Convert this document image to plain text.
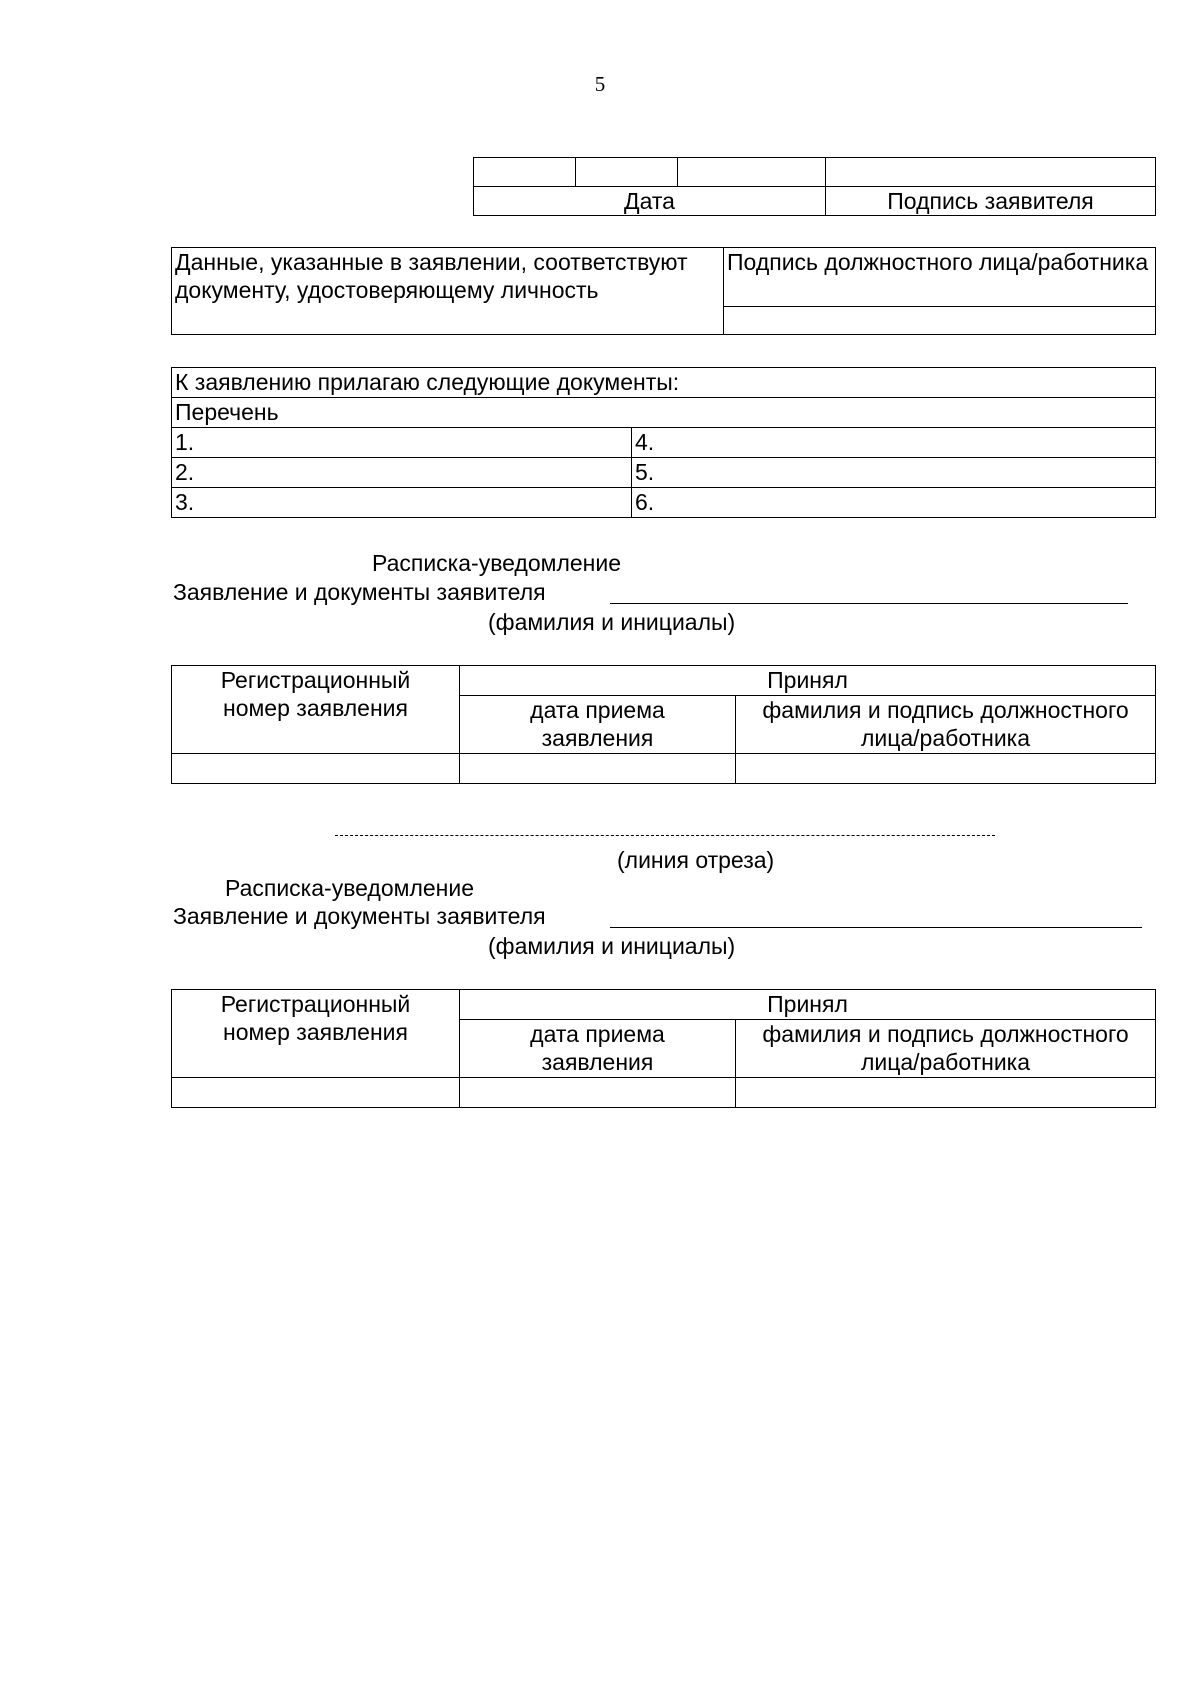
5

Дата			Подпись заявителя
Данные, указанные в заявлении, соответствуют документу, удостоверяющему личность	Подпись должностного лица/работника

К заявлению прилагаю следующие документы:	
Перечень	
1.	4.
2.	5.
3.	6.
Расписка-уведомление
Заявление и документы заявителя
(фамилия и инициалы)
Регистрационный номер заявления	Принял	
	дата приема заявления	фамилия и подпись должностного лица/работника

(линия отреза)
Расписка-уведомление
Заявление и документы заявителя
(фамилия и инициалы)
Регистрационный номер заявления	Принял	
	дата приема заявления	фамилия и подпись должностного лица/работника
